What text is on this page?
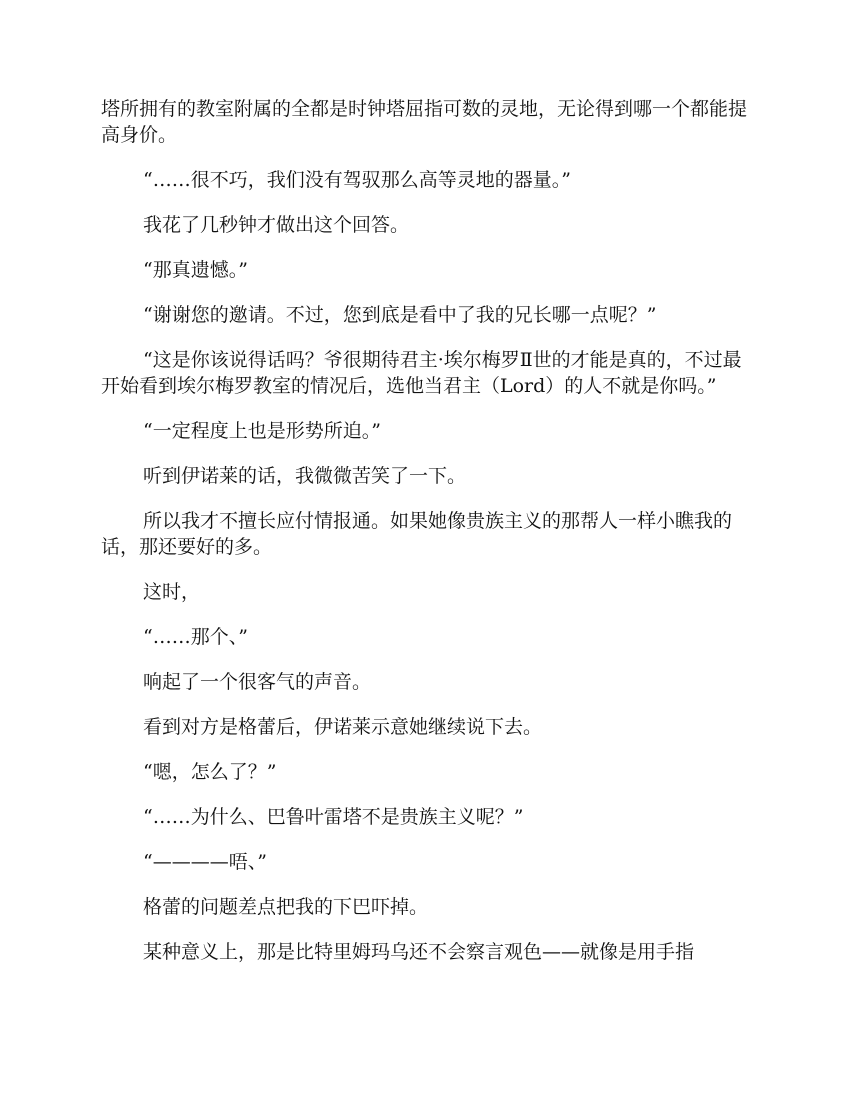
塔所拥有的教室附属的全都是时钟塔屈指可数的灵地，无论得到哪一个都能提高身价。

“……很不巧，我们没有驾驭那么高等灵地的器量。”

我花了几秒钟才做出这个回答。

“那真遗憾。”

“谢谢您的邀请。不过，您到底是看中了我的兄长哪一点呢？”

“这是你该说得话吗？爷很期待君主·埃尔梅罗Ⅱ世的才能是真的，不过最开始看到埃尔梅罗教室的情况后，选他当君主（Lord）的人不就是你吗。”

“一定程度上也是形势所迫。”

听到伊诺莱的话，我微微苦笑了一下。

所以我才不擅长应付情报通。如果她像贵族主义的那帮人一样小瞧我的话，那还要好的多。

这时，

“……那个、”

响起了一个很客气的声音。

看到对方是格蕾后，伊诺莱示意她继续说下去。

“嗯，怎么了？”

“……为什么、巴鲁叶雷塔不是贵族主义呢？”

“————唔、”

格蕾的问题差点把我的下巴吓掉。

某种意义上，那是比特里姆玛乌还不会察言观色——就像是用手指
